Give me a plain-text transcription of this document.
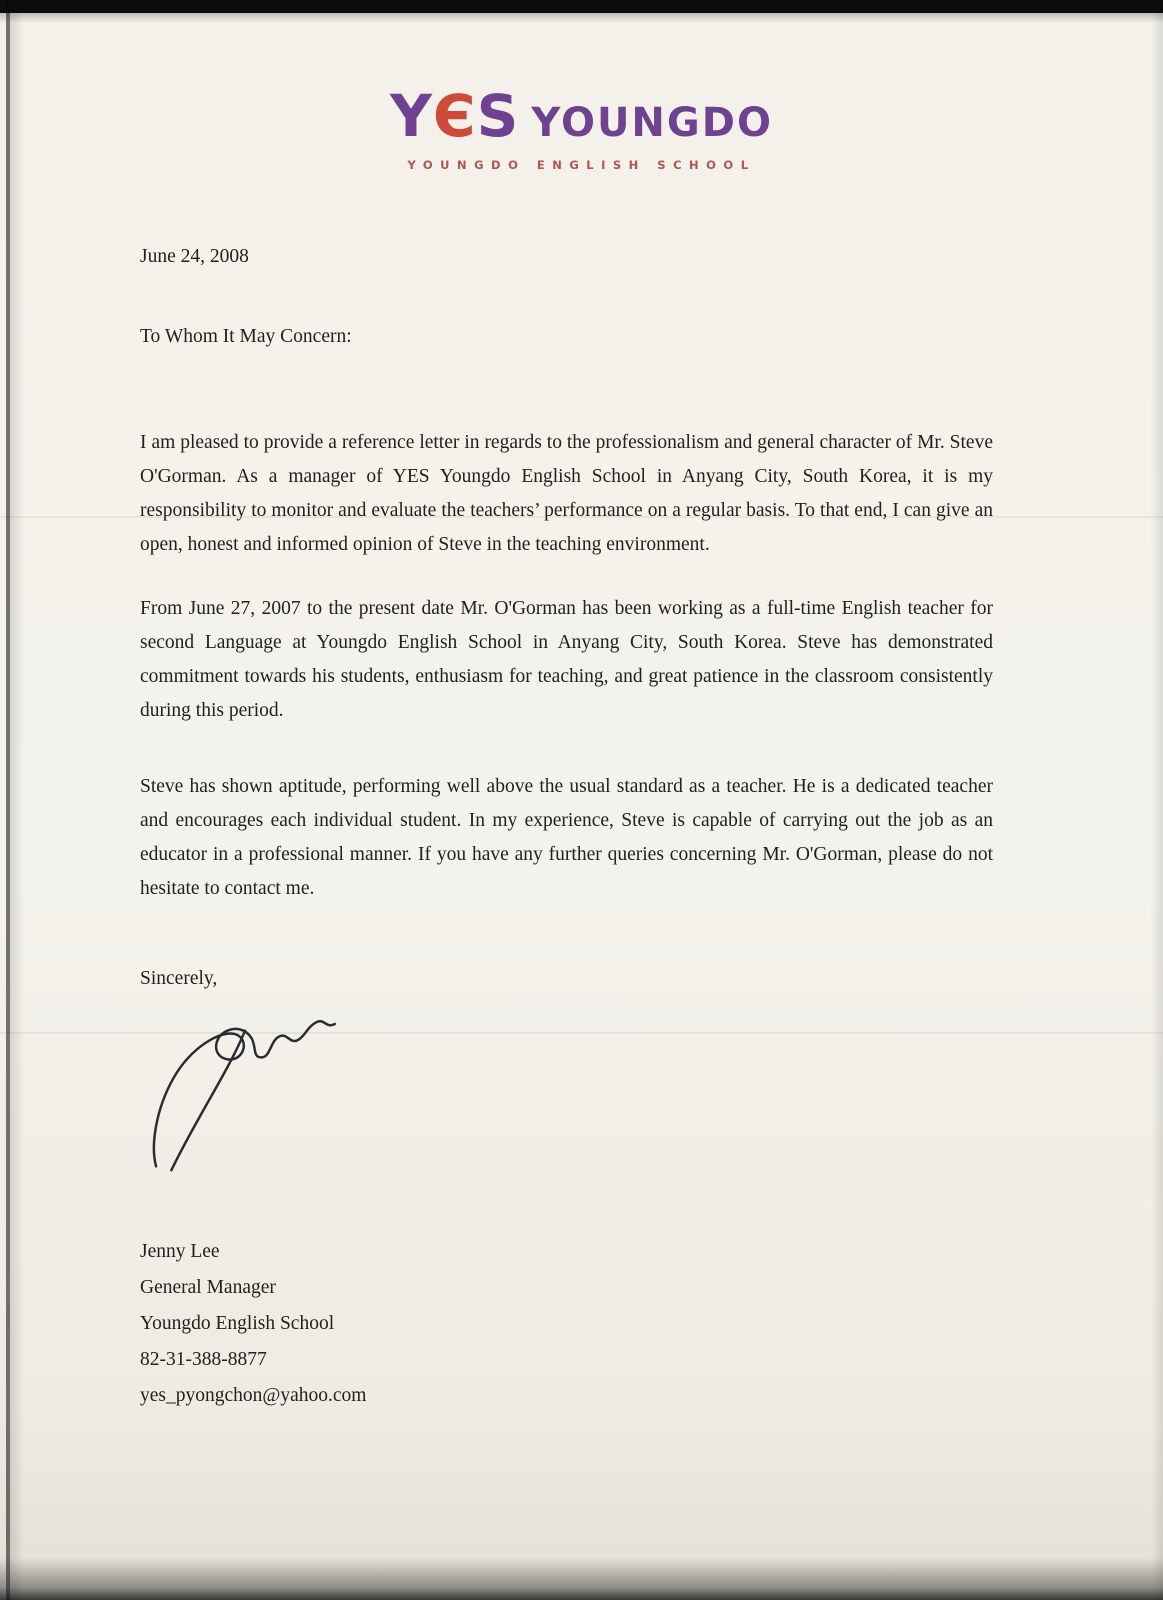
YЄS YOUNGDO
YOUNGDO ENGLISH SCHOOL

June 24, 2008

To Whom It May Concern:

I am pleased to provide a reference letter in regards to the professionalism and general character of Mr. Steve O'Gorman. As a manager of YES Youngdo English School in Anyang City, South Korea, it is my responsibility to monitor and evaluate the teachers’ performance on a regular basis. To that end, I can give an open, honest and informed opinion of Steve in the teaching environment.

From June 27, 2007 to the present date Mr. O'Gorman has been working as a full-time English teacher for second Language at Youngdo English School in Anyang City, South Korea. Steve has demonstrated commitment towards his students, enthusiasm for teaching, and great patience in the classroom consistently during this period.

Steve has shown aptitude, performing well above the usual standard as a teacher. He is a dedicated teacher and encourages each individual student. In my experience, Steve is capable of carrying out the job as an educator in a professional manner. If you have any further queries concerning Mr. O'Gorman, please do not hesitate to contact me.

Sincerely,

Jenny Lee

General Manager

Youngdo English School

82-31-388-8877

yes_pyongchon@yahoo.com
